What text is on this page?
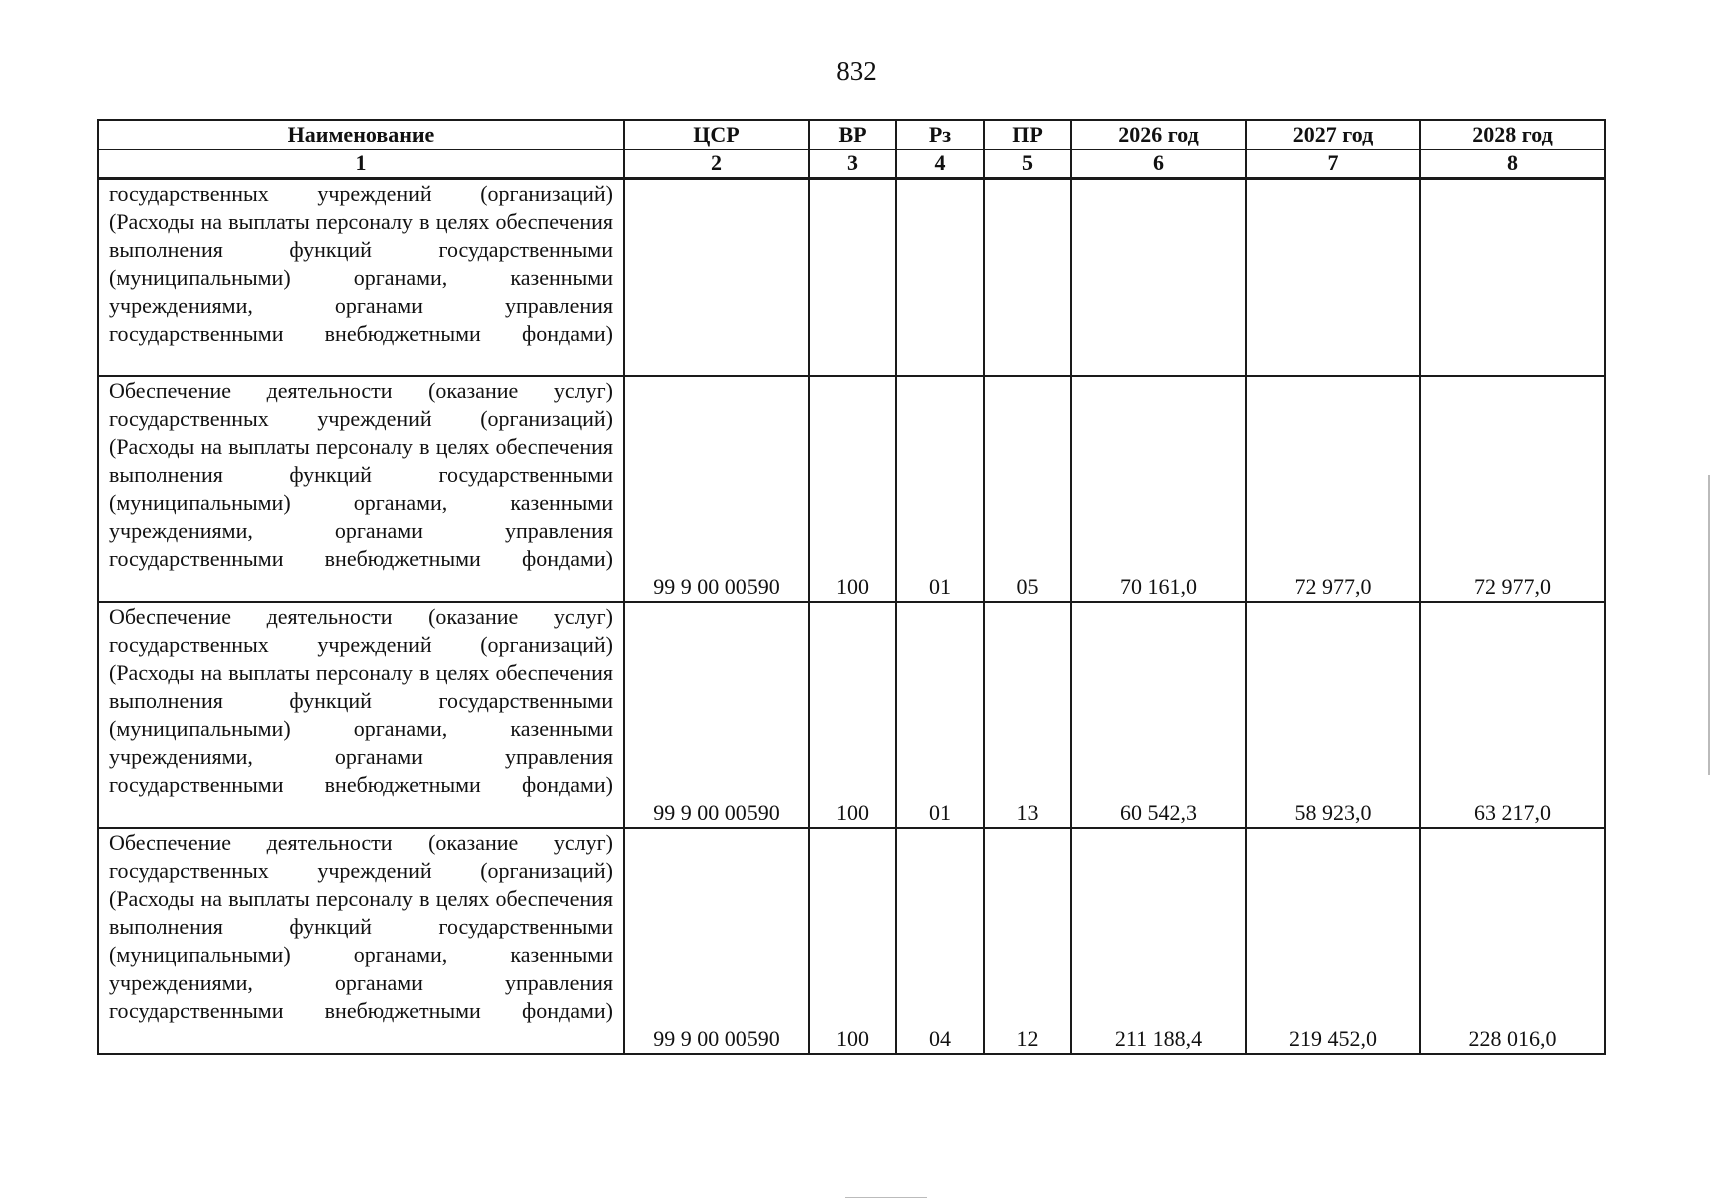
832
Наименование	ЦСР	ВР	Рз	ПР	2026 год	2027 год	2028 год
1	2	3	4	5	6	7	8
государственных учреждений (организаций) (Расходы на выплаты персоналу в целях обеспечения выполнения функций государственными (муниципальными) органами, казенными учреждениями, органами управления государственными внебюджетными фондами)							
Обеспечение деятельности (оказание услуг) государственных учреждений (организаций) (Расходы на выплаты персоналу в целях обеспечения выполнения функций государственными (муниципальными) органами, казенными учреждениями, органами управления государственными внебюджетными фондами)	99 9 00 00590	100	01	05	70 161,0	72 977,0	72 977,0
Обеспечение деятельности (оказание услуг) государственных учреждений (организаций) (Расходы на выплаты персоналу в целях обеспечения выполнения функций государственными (муниципальными) органами, казенными учреждениями, органами управления государственными внебюджетными фондами)	99 9 00 00590	100	01	13	60 542,3	58 923,0	63 217,0
Обеспечение деятельности (оказание услуг) государственных учреждений (организаций) (Расходы на выплаты персоналу в целях обеспечения выполнения функций государственными (муниципальными) органами, казенными учреждениями, органами управления государственными внебюджетными фондами)	99 9 00 00590	100	04	12	211 188,4	219 452,0	228 016,0
